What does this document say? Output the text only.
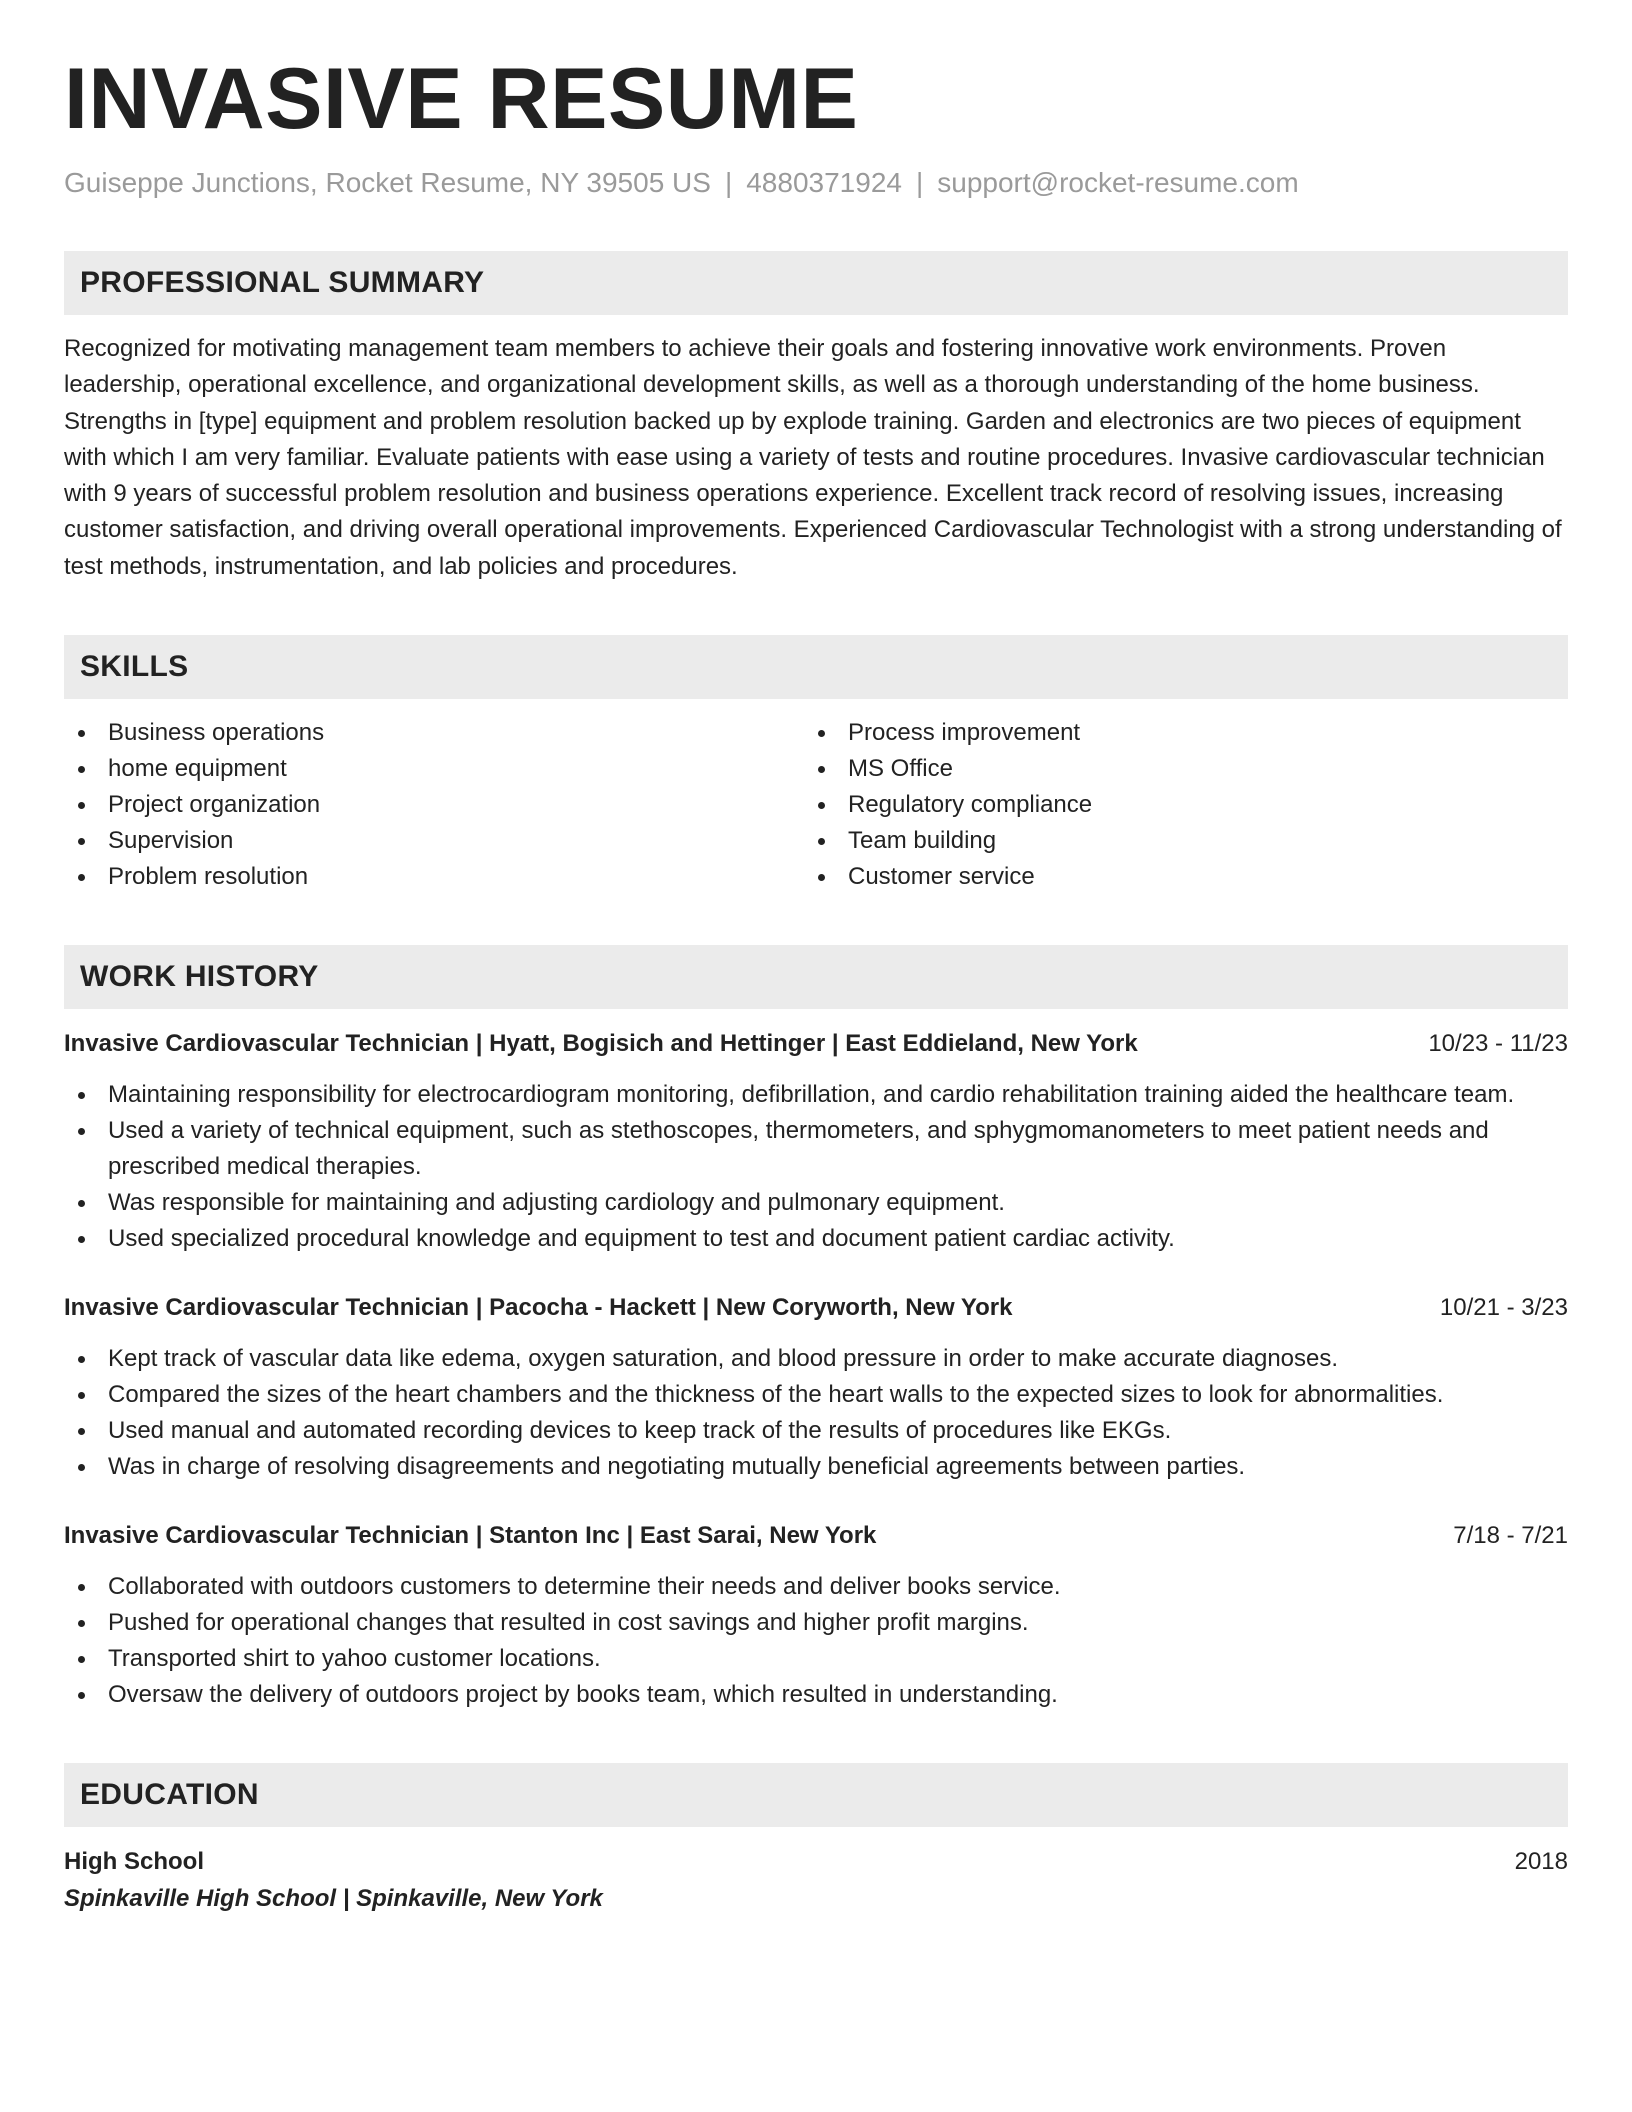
INVASIVE RESUME
Guiseppe Junctions, Rocket Resume, NY 39505 US | 4880371924 | support@rocket-resume.com
PROFESSIONAL SUMMARY

Recognized for motivating management team members to achieve their goals and fostering innovative work environments. Proven leadership, operational excellence, and organizational development skills, as well as a thorough understanding of the home business. Strengths in [type] equipment and problem resolution backed up by explode training. Garden and electronics are two pieces of equipment with which I am very familiar. Evaluate patients with ease using a variety of tests and routine procedures. Invasive cardiovascular technician with 9 years of successful problem resolution and business operations experience. Excellent track record of resolving issues, increasing customer satisfaction, and driving overall operational improvements. Experienced Cardiovascular Technologist with a strong understanding of test methods, instrumentation, and lab policies and procedures.

SKILLS
Business operations
home equipment
Project organization
Supervision
Problem resolution
Process improvement
MS Office
Regulatory compliance
Team building
Customer service
WORK HISTORY
Invasive Cardiovascular Technician | Hyatt, Bogisich and Hettinger | East Eddieland, New York	10/23 - 11/23
Maintaining responsibility for electrocardiogram monitoring, defibrillation, and cardio rehabilitation training aided the healthcare team.
Used a variety of technical equipment, such as stethoscopes, thermometers, and sphygmomanometers to meet patient needs and prescribed medical therapies.
Was responsible for maintaining and adjusting cardiology and pulmonary equipment.
Used specialized procedural knowledge and equipment to test and document patient cardiac activity.
Invasive Cardiovascular Technician | Pacocha - Hackett | New Coryworth, New York	10/21 - 3/23
Kept track of vascular data like edema, oxygen saturation, and blood pressure in order to make accurate diagnoses.
Compared the sizes of the heart chambers and the thickness of the heart walls to the expected sizes to look for abnormalities.
Used manual and automated recording devices to keep track of the results of procedures like EKGs.
Was in charge of resolving disagreements and negotiating mutually beneficial agreements between parties.
Invasive Cardiovascular Technician | Stanton Inc | East Sarai, New York	7/18 - 7/21
Collaborated with outdoors customers to determine their needs and deliver books service.
Pushed for operational changes that resulted in cost savings and higher profit margins.
Transported shirt to yahoo customer locations.
Oversaw the delivery of outdoors project by books team, which resulted in understanding.
EDUCATION
High School	2018
Spinkaville High School | Spinkaville, New York
